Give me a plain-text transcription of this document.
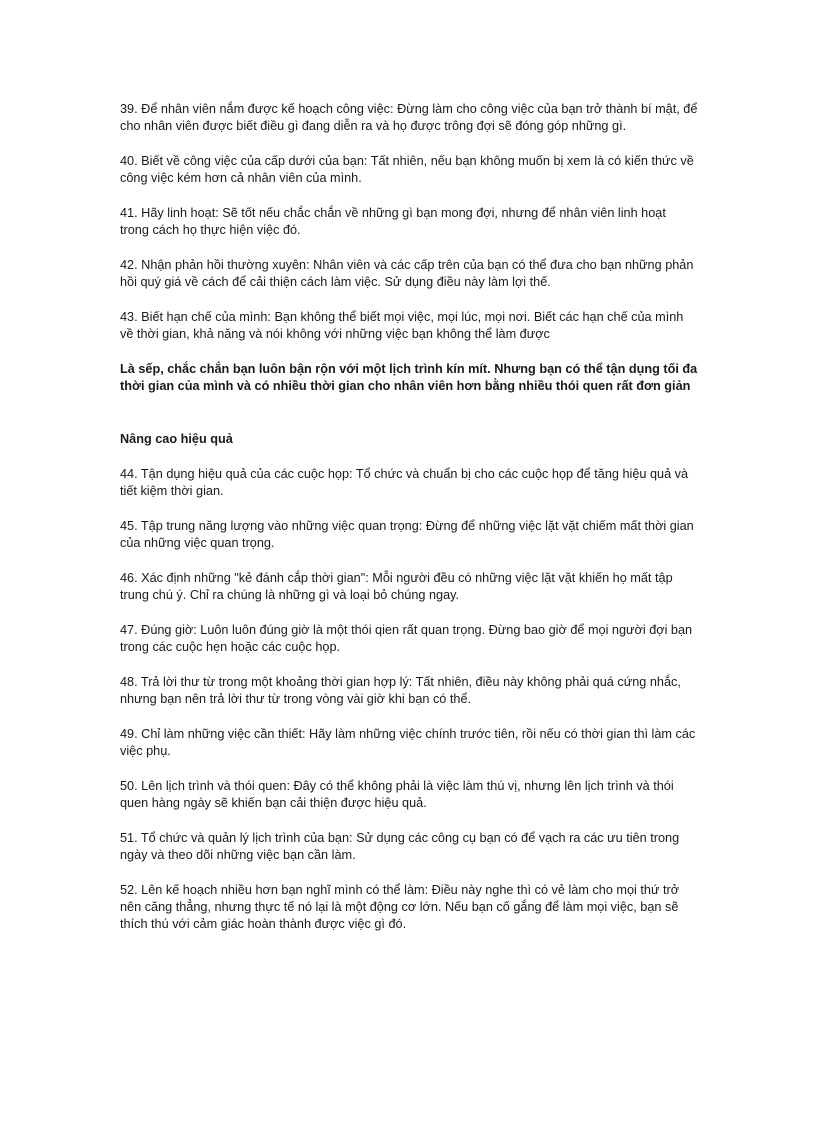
39. Để nhân viên nắm được kế hoạch công việc: Đừng làm cho công việc của bạn trở thành bí mật, để cho nhân viên được biết điều gì đang diễn ra và họ được trông đợi sẽ đóng góp những gì.

40. Biết về công việc của cấp dưới của bạn: Tất nhiên, nếu bạn không muốn bị xem là có kiến thức về công việc kém hơn cả nhân viên của mình.

41. Hãy linh hoạt: Sẽ tốt nếu chắc chắn về những gì bạn mong đợi, nhưng để nhân viên linh hoạt trong cách họ thực hiện việc đó.

42. Nhận phản hồi thường xuyên: Nhân viên và các cấp trên của bạn có thể đưa cho bạn những phản hồi quý giá về cách để cải thiện cách làm việc. Sử dụng điều này làm lợi thế.

43. Biết hạn chế của mình: Bạn không thể biết mọi việc, mọi lúc, mọi nơi. Biết các hạn chế của mình về thời gian, khả năng và nói không với những việc bạn không thể làm được

Là sếp, chắc chắn bạn luôn bận rộn với một lịch trình kín mít. Nhưng bạn có thể tận dụng tối đa thời gian của mình và có nhiều thời gian cho nhân viên hơn bằng nhiều thói quen rất đơn giản

Nâng cao hiệu quả

44. Tận dụng hiệu quả của các cuộc họp: Tổ chức và chuẩn bị cho các cuộc họp để tăng hiệu quả và tiết kiệm thời gian.

45. Tập trung năng lượng vào những việc quan trọng: Đừng để những việc lặt vặt chiếm mất thời gian của những việc quan trọng.

46. Xác định những "kẻ đánh cắp thời gian": Mỗi người đều có những việc lặt vặt khiến họ mất tập trung chú ý. Chỉ ra chúng là những gì và loại bỏ chúng ngay.

47. Đúng giờ: Luôn luôn đúng giờ là một thói qien rất quan trọng. Đừng bao giờ để mọi người đợi bạn trong các cuộc hẹn hoặc các cuộc họp.

48. Trả lời thư từ trong một khoảng thời gian hợp lý: Tất nhiên, điều này không phải quá cứng nhắc, nhưng bạn nên trả lời thư từ trong vòng vài giờ khi bạn có thể.

49. Chỉ làm những việc cần thiết: Hãy làm những việc chính trước tiên, rồi nếu có thời gian thì làm các việc phụ.

50. Lên lịch trình và thói quen: Đây có thể không phải là việc làm thú vị, nhưng lên lịch trình và thói quen hàng ngày sẽ khiến bạn cải thiện được hiệu quả.

51. Tổ chức và quản lý lịch trình của bạn: Sử dụng các công cụ bạn có để vạch ra các ưu tiên trong ngày và theo dõi những việc bạn cần làm.

52. Lên kế hoạch nhiều hơn bạn nghĩ mình có thể làm: Điều này nghe thì có vẻ làm cho mọi thứ trở nên căng thẳng, nhưng thực tế nó lại là một động cơ lớn. Nếu bạn cố gắng để làm mọi việc, bạn sẽ thích thú với cảm giác hoàn thành được việc gì đó.
